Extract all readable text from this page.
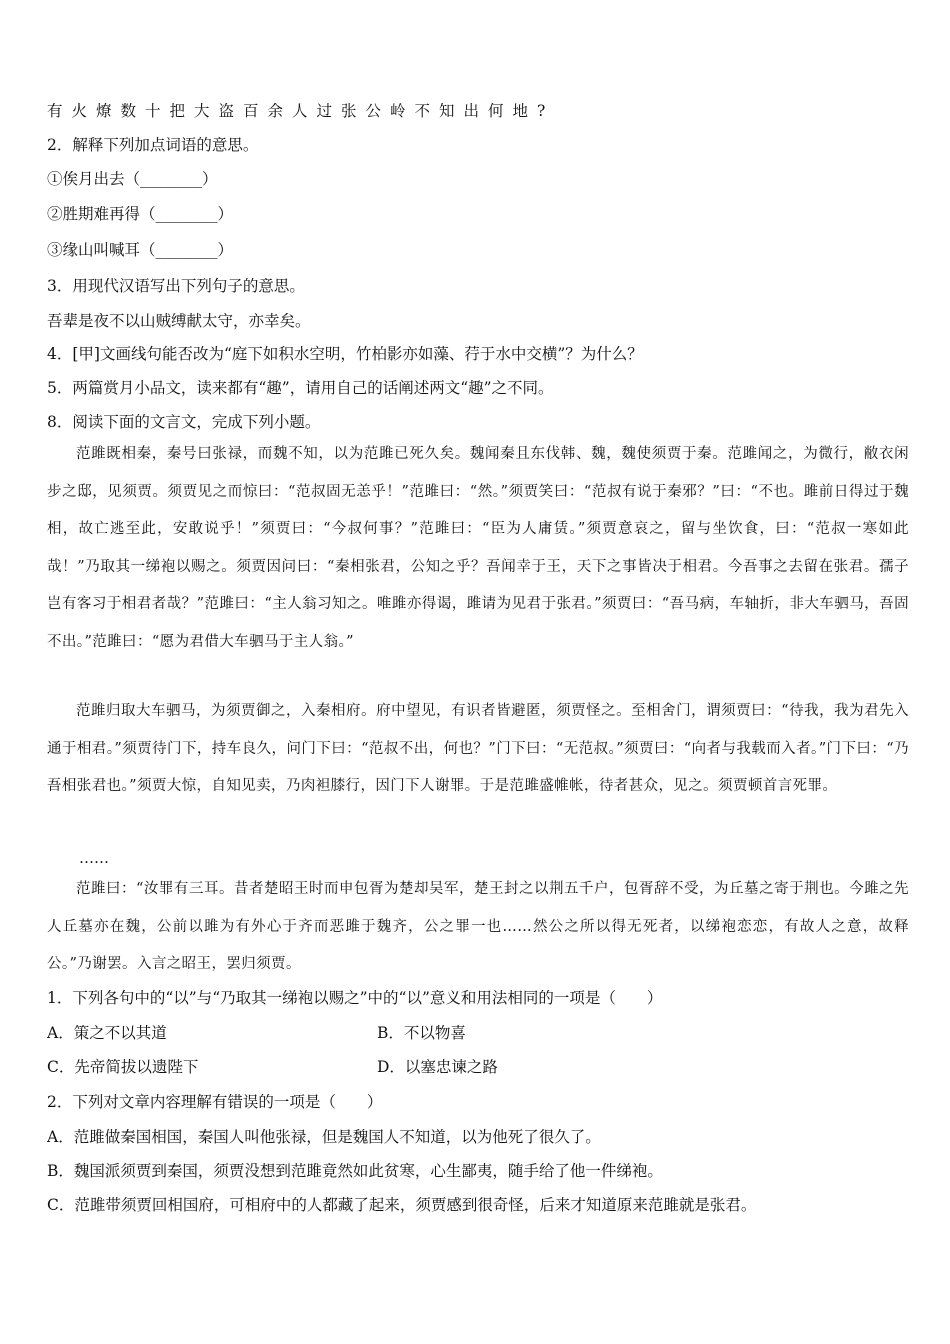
有火燎数十把大盗百余人过张公岭不知出何地?
2．解释下列加点词语的意思。
①俟月出去（________）
②胜期难再得（________）
③缘山叫喊耳（________）
3．用现代汉语写出下列句子的意思。
吾辈是夜不以山贼缚献太守，亦幸矣。
4．[甲]文画线句能否改为“庭下如积水空明，竹柏影亦如藻、荇于水中交横”？为什么？
5．两篇赏月小品文，读来都有“趣”，请用自己的话阐述两文“趣”之不同。
8．阅读下面的文言文，完成下列小题。
范雎既相秦，秦号曰张禄，而魏不知，以为范雎已死久矣。魏闻秦且东伐韩、魏，魏使须贾于秦。范雎闻之，为微行，敝衣闲步之邸，见须贾。须贾见之而惊曰：“范叔固无恙乎！”范雎曰：“然。”须贾笑曰：“范叔有说于秦邪？”曰：“不也。雎前日得过于魏相，故亡逃至此，安敢说乎！”须贾曰：“今叔何事？”范雎曰：“臣为人庸赁。”须贾意哀之，留与坐饮食，曰：“范叔一寒如此哉！”乃取其一绨袍以赐之。须贾因问曰：“秦相张君，公知之乎？吾闻幸于王，天下之事皆决于相君。今吾事之去留在张君。孺子岂有客习于相君者哉？”范雎曰：“主人翁习知之。唯雎亦得谒，雎请为见君于张君。”须贾曰：“吾马病，车轴折，非大车驷马，吾固不出。”范雎曰：“愿为君借大车驷马于主人翁。”
范雎归取大车驷马，为须贾御之，入秦相府。府中望见，有识者皆避匿，须贾怪之。至相舍门，谓须贾曰：“待我，我为君先入通于相君。”须贾待门下，持车良久，问门下曰：“范叔不出，何也？”门下曰：“无范叔。”须贾曰：“向者与我载而入者。”门下曰：“乃吾相张君也。”须贾大惊，自知见卖，乃肉袒膝行，因门下人谢罪。于是范雎盛帷帐，待者甚众，见之。须贾顿首言死罪。
……
范雎曰：“汝罪有三耳。昔者楚昭王时而申包胥为楚却吴军，楚王封之以荆五千户，包胥辞不受，为丘墓之寄于荆也。今雎之先人丘墓亦在魏，公前以雎为有外心于齐而恶雎于魏齐，公之罪一也……然公之所以得无死者，以绨袍恋恋，有故人之意，故释公。”乃谢罢。入言之昭王，罢归须贾。
1．下列各句中的“以”与“乃取其一绨袍以赐之”中的“以”意义和用法相同的一项是（　　）
A．策之不以其道	B．不以物喜
C．先帝简拔以遗陛下	D．以塞忠谏之路
2．下列对文章内容理解有错误的一项是（　　）
A．范雎做秦国相国，秦国人叫他张禄，但是魏国人不知道，以为他死了很久了。
B．魏国派须贾到秦国，须贾没想到范雎竟然如此贫寒，心生鄙夷，随手给了他一件绨袍。
C．范雎带须贾回相国府，可相府中的人都藏了起来，须贾感到很奇怪，后来才知道原来范雎就是张君。
